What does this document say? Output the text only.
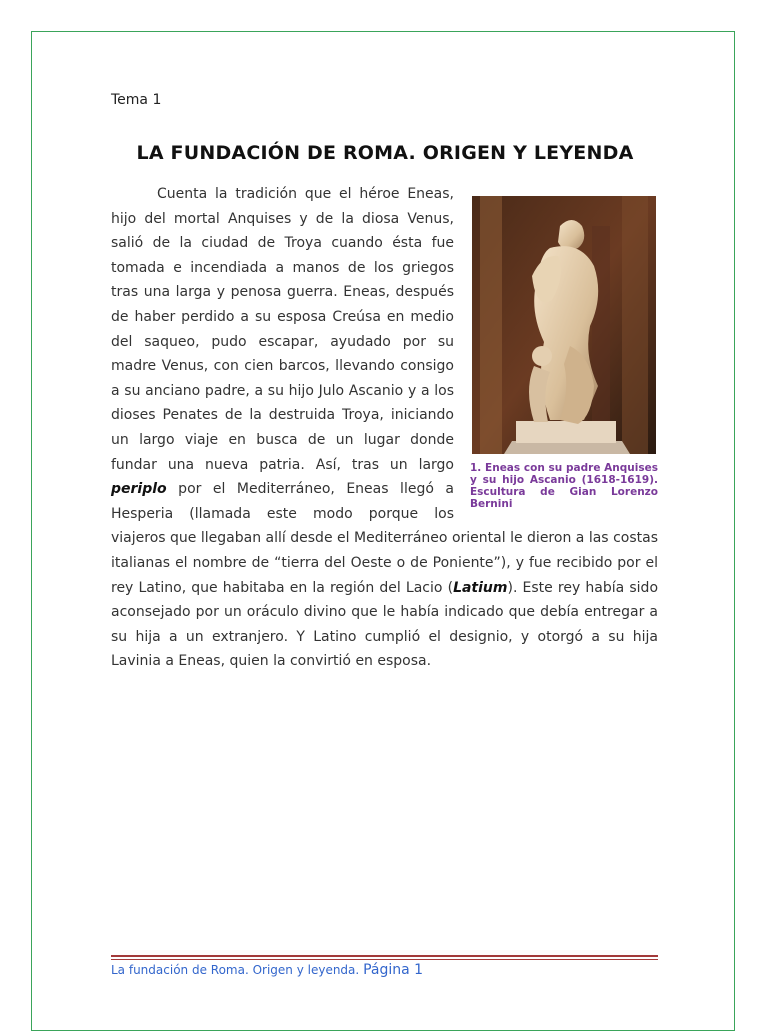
Tema 1
LA FUNDACIÓN DE ROMA. ORIGEN Y LEYENDA
1. Eneas con su padre Anquises y su hijo Ascanio (1618-1619). Escultura de Gian Lorenzo Bernini

Cuenta la tradición que el héroe Eneas, hijo del mortal Anquises y de la diosa Venus, salió de la ciudad de Troya cuando ésta fue tomada e incendiada a manos de los griegos tras una larga y penosa guerra. Eneas, después de haber perdido a su esposa Creúsa en medio del saqueo, pudo escapar, ayudado por su madre Venus, con cien barcos, llevando consigo a su anciano padre, a su hijo Julo Ascanio y a los dioses Penates de la destruida Troya, iniciando un largo viaje en busca de un lugar donde fundar una nueva patria. Así, tras un largo periplo por el Mediterráneo, Eneas llegó a Hesperia (llamada este modo porque los viajeros que llegaban allí desde el Mediterráneo oriental le dieron a las costas italianas el nombre de “tierra del Oeste o de Poniente”), y fue recibido por el rey Latino, que habitaba en la región del Lacio (Latium). Este rey había sido aconsejado por un oráculo divino que le había indicado que debía entregar a su hija a un extranjero. Y Latino cumplió el designio, y otorgó a su hija Lavinia a Eneas, quien la convirtió en esposa.

La fundación de Roma. Origen y leyenda. Página 1
